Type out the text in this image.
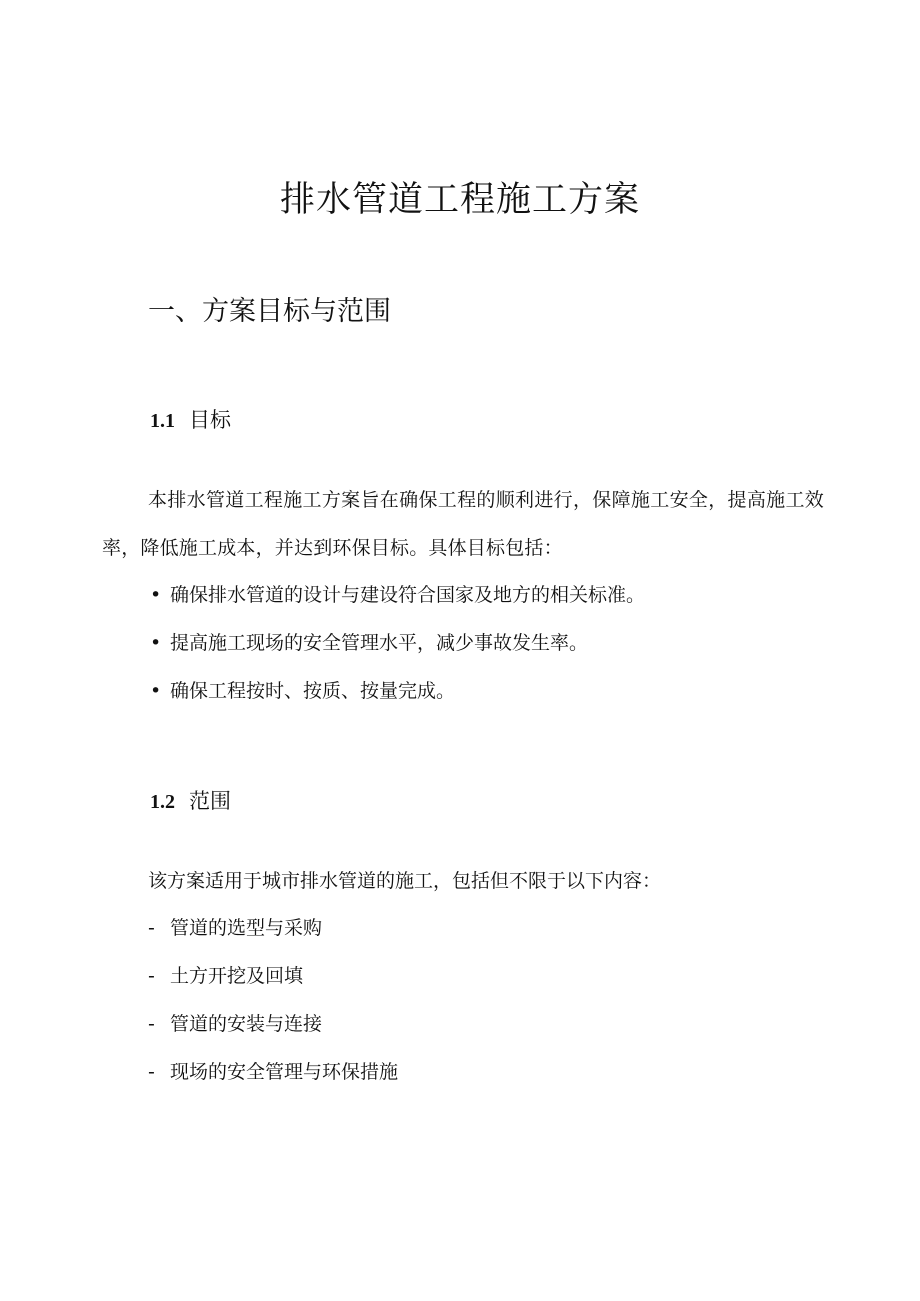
排水管道工程施工方案
一、方案目标与范围
1.1 目标

本排水管道工程施工方案旨在确保工程的顺利进行，保障施工安全，提高施工效率，降低施工成本，并达到环保目标。具体目标包括：

• 确保排水管道的设计与建设符合国家及地方的相关标准。

• 提高施工现场的安全管理水平，减少事故发生率。

• 确保工程按时、按质、按量完成。

1.2 范围

该方案适用于城市排水管道的施工，包括但不限于以下内容：

- 管道的选型与采购

- 土方开挖及回填

- 管道的安装与连接

- 现场的安全管理与环保措施
